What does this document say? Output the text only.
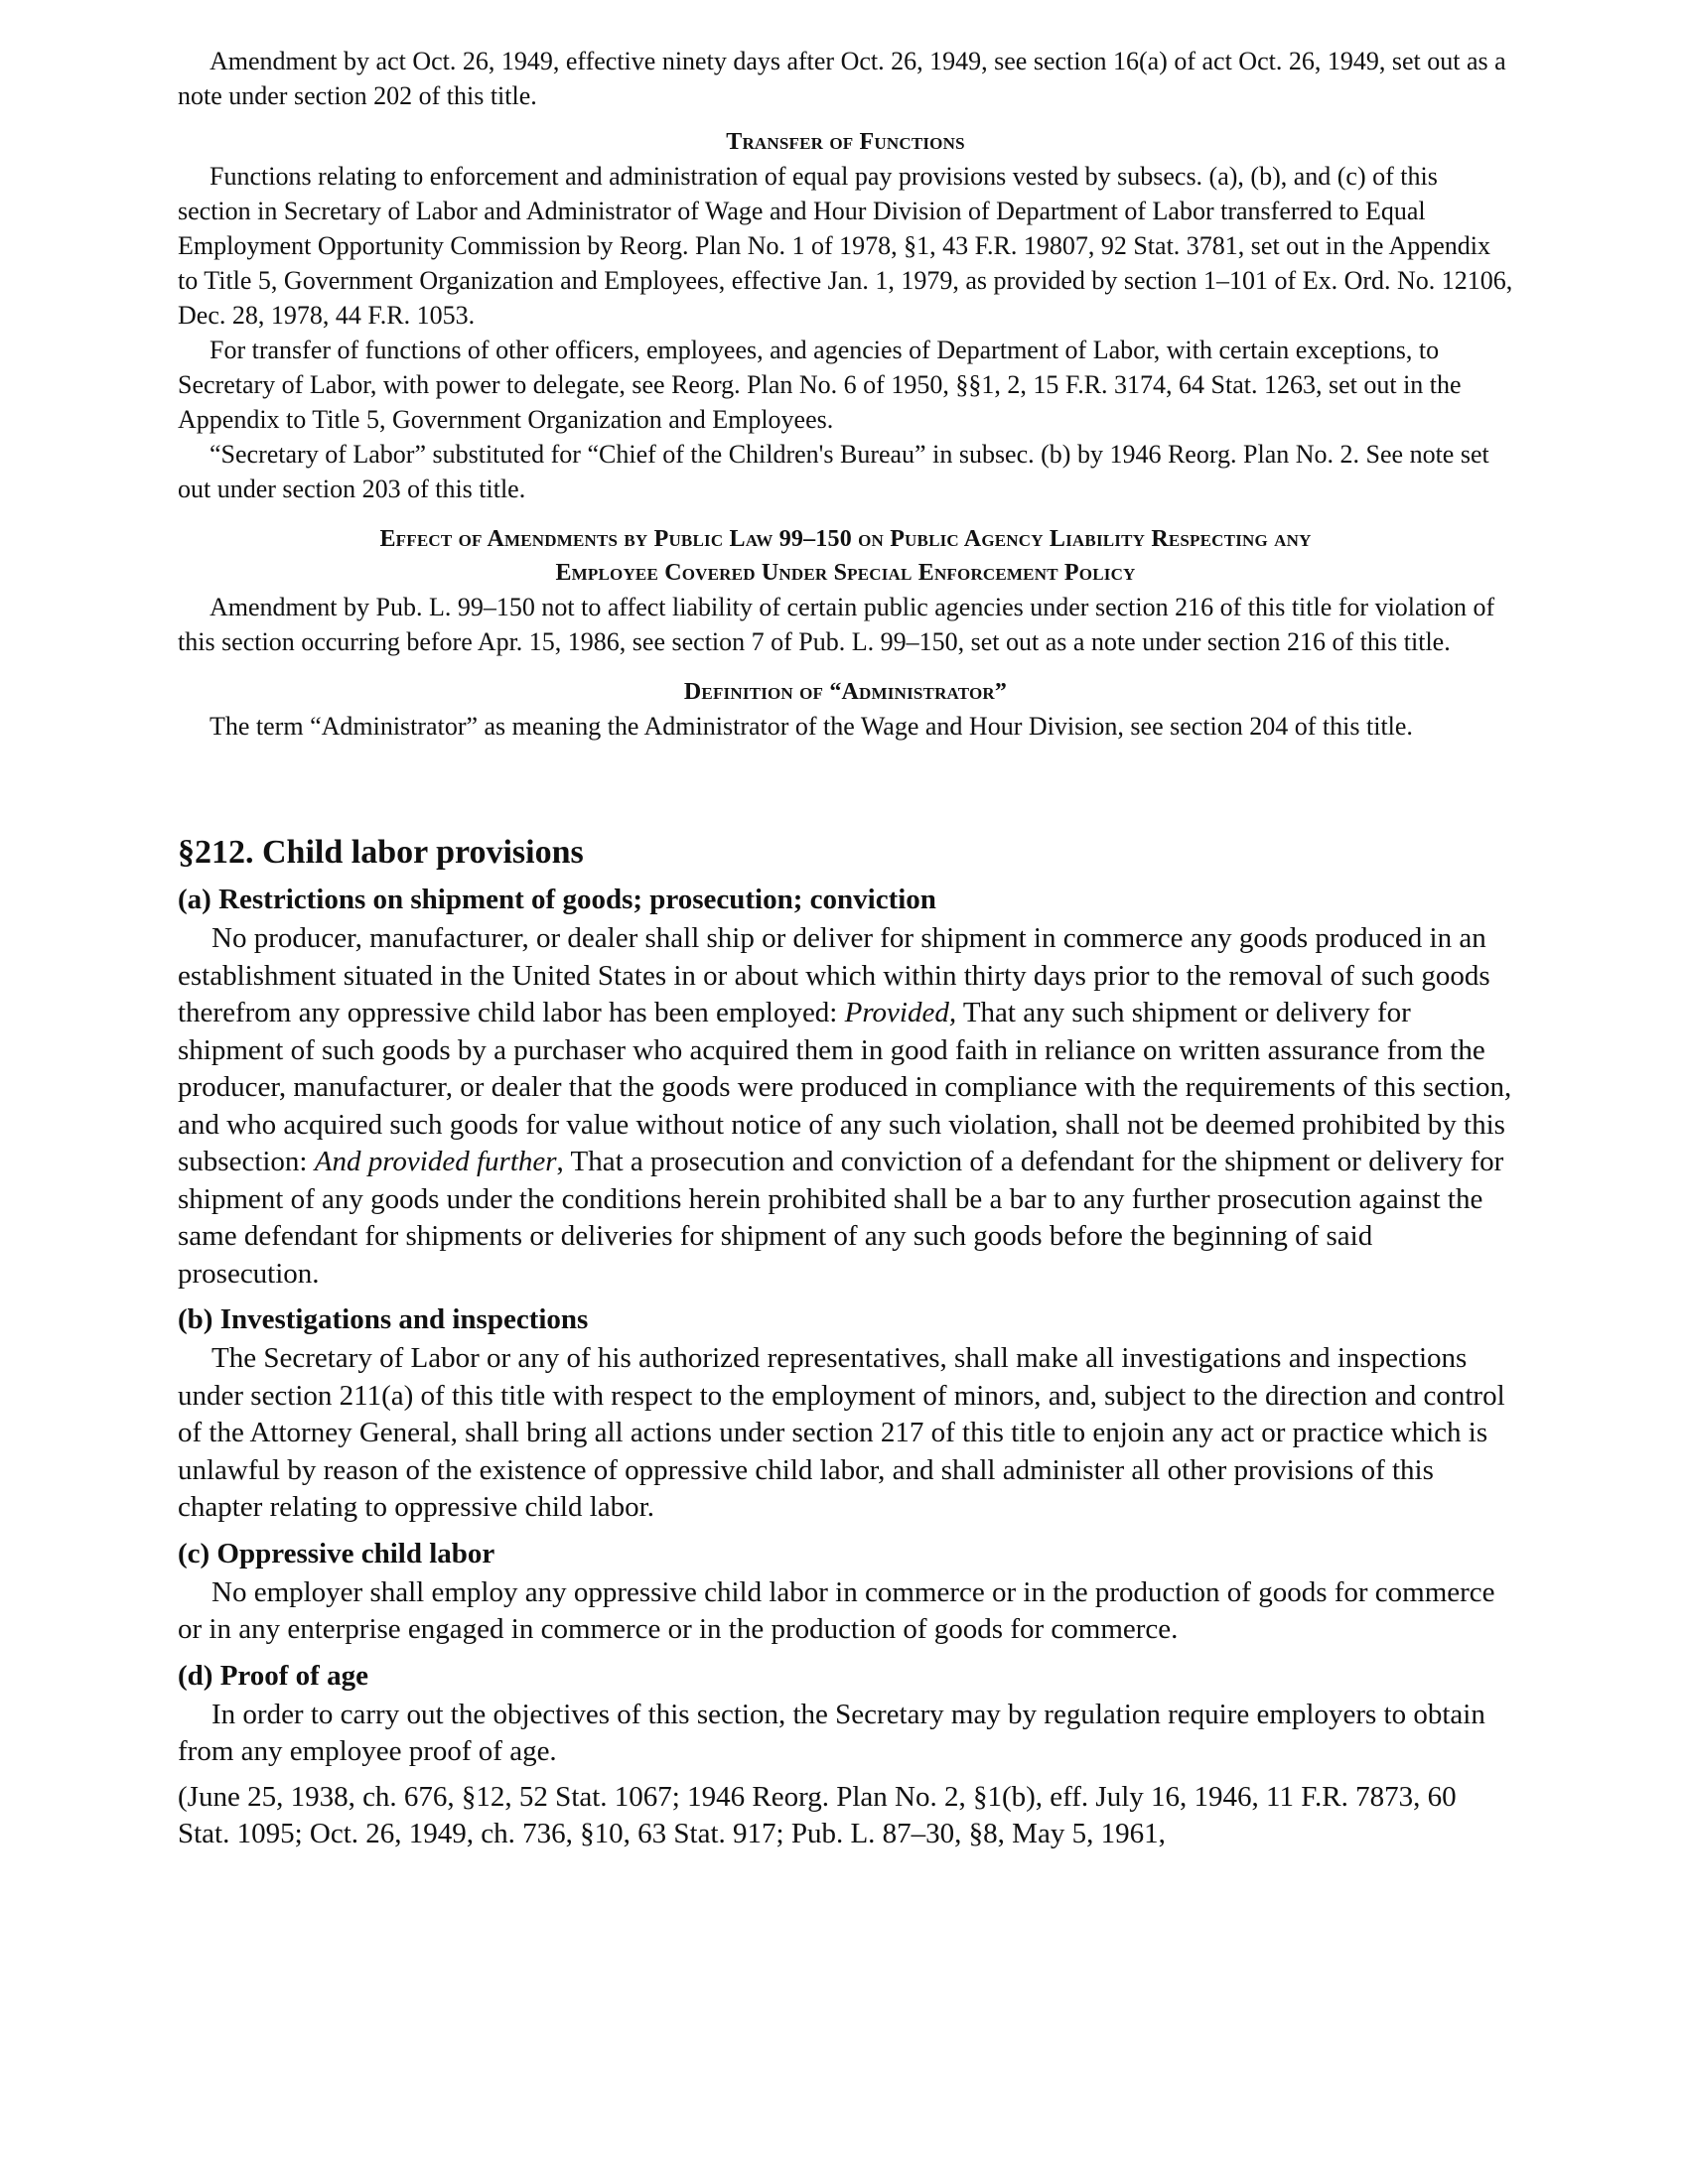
Amendment by act Oct. 26, 1949, effective ninety days after Oct. 26, 1949, see section 16(a) of act Oct. 26, 1949, set out as a note under section 202 of this title.

Transfer of Functions

Functions relating to enforcement and administration of equal pay provisions vested by subsecs. (a), (b), and (c) of this section in Secretary of Labor and Administrator of Wage and Hour Division of Department of Labor transferred to Equal Employment Opportunity Commission by Reorg. Plan No. 1 of 1978, §1, 43 F.R. 19807, 92 Stat. 3781, set out in the Appendix to Title 5, Government Organization and Employees, effective Jan. 1, 1979, as provided by section 1–101 of Ex. Ord. No. 12106, Dec. 28, 1978, 44 F.R. 1053.

For transfer of functions of other officers, employees, and agencies of Department of Labor, with certain exceptions, to Secretary of Labor, with power to delegate, see Reorg. Plan No. 6 of 1950, §§1, 2, 15 F.R. 3174, 64 Stat. 1263, set out in the Appendix to Title 5, Government Organization and Employees.

“Secretary of Labor” substituted for “Chief of the Children's Bureau” in subsec. (b) by 1946 Reorg. Plan No. 2. See note set out under section 203 of this title.

Effect of Amendments by Public Law 99–150 on Public Agency Liability Respecting any

Employee Covered Under Special Enforcement Policy

Amendment by Pub. L. 99–150 not to affect liability of certain public agencies under section 216 of this title for violation of this section occurring before Apr. 15, 1986, see section 7 of Pub. L. 99–150, set out as a note under section 216 of this title.

Definition of “Administrator”

The term “Administrator” as meaning the Administrator of the Wage and Hour Division, see section 204 of this title.

§212. Child labor provisions
(a) Restrictions on shipment of goods; prosecution; conviction

No producer, manufacturer, or dealer shall ship or deliver for shipment in commerce any goods produced in an establishment situated in the United States in or about which within thirty days prior to the removal of such goods therefrom any oppressive child labor has been employed: Provided, That any such shipment or delivery for shipment of such goods by a purchaser who acquired them in good faith in reliance on written assurance from the producer, manufacturer, or dealer that the goods were produced in compliance with the requirements of this section, and who acquired such goods for value without notice of any such violation, shall not be deemed prohibited by this subsection: And provided further, That a prosecution and conviction of a defendant for the shipment or delivery for shipment of any goods under the conditions herein prohibited shall be a bar to any further prosecution against the same defendant for shipments or deliveries for shipment of any such goods before the beginning of said prosecution.

(b) Investigations and inspections

The Secretary of Labor or any of his authorized representatives, shall make all investigations and inspections under section 211(a) of this title with respect to the employment of minors, and, subject to the direction and control of the Attorney General, shall bring all actions under section 217 of this title to enjoin any act or practice which is unlawful by reason of the existence of oppressive child labor, and shall administer all other provisions of this chapter relating to oppressive child labor.

(c) Oppressive child labor

No employer shall employ any oppressive child labor in commerce or in the production of goods for commerce or in any enterprise engaged in commerce or in the production of goods for commerce.

(d) Proof of age

In order to carry out the objectives of this section, the Secretary may by regulation require employers to obtain from any employee proof of age.

(June 25, 1938, ch. 676, §12, 52 Stat. 1067; 1946 Reorg. Plan No. 2, §1(b), eff. July 16, 1946, 11 F.R. 7873, 60 Stat. 1095; Oct. 26, 1949, ch. 736, §10, 63 Stat. 917; Pub. L. 87–30, §8, May 5, 1961,
